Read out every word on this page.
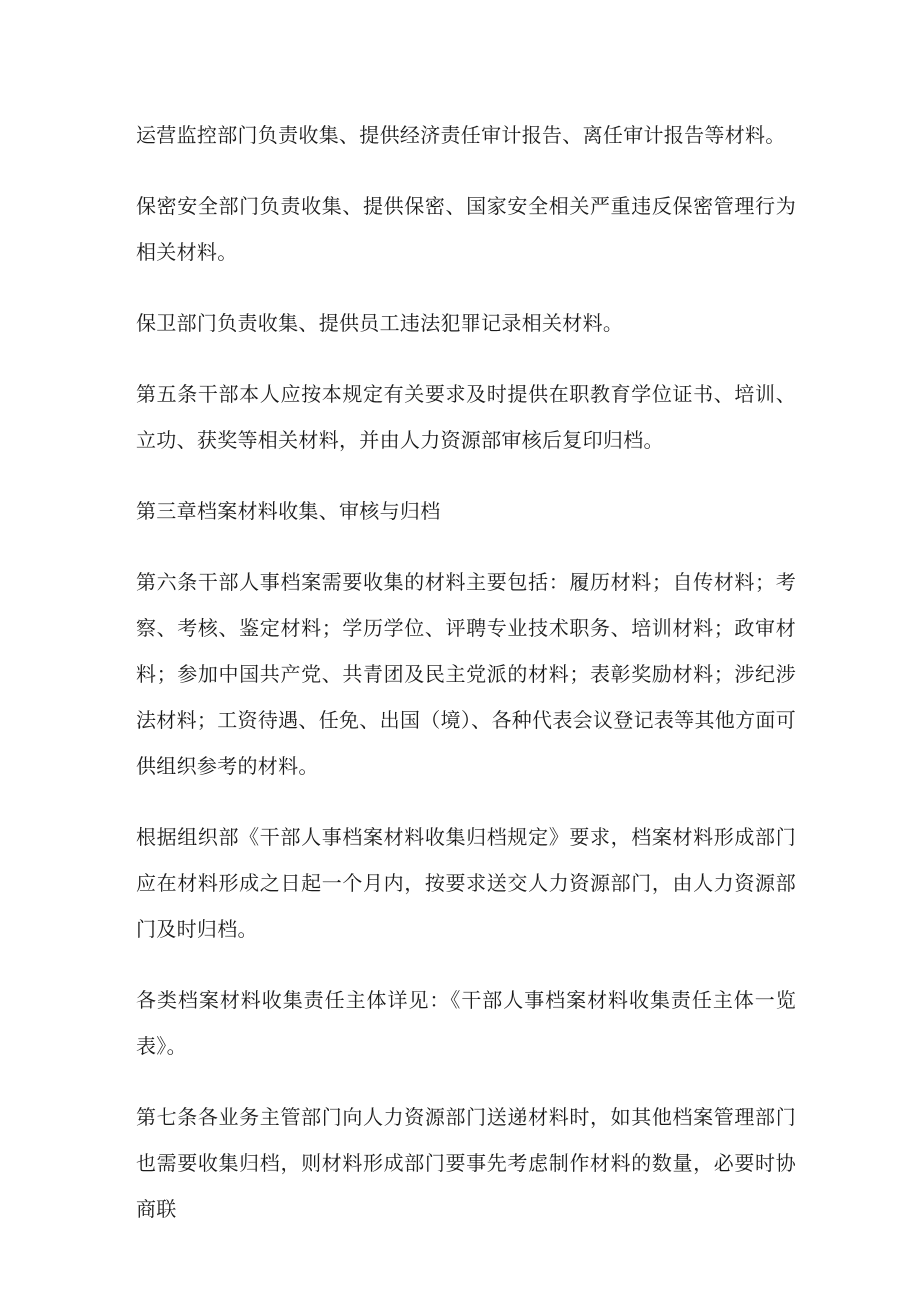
运营监控部门负责收集、提供经济责任审计报告、离任审计报告等材料。

保密安全部门负责收集、提供保密、国家安全相关严重违反保密管理行为相关材料。

保卫部门负责收集、提供员工违法犯罪记录相关材料。

第五条干部本人应按本规定有关要求及时提供在职教育学位证书、培训、立功、获奖等相关材料，并由人力资源部审核后复印归档。

第三章档案材料收集、审核与归档

第六条干部人事档案需要收集的材料主要包括：履历材料；自传材料；考察、考核、鉴定材料；学历学位、评聘专业技术职务、培训材料；政审材料；参加中国共产党、共青团及民主党派的材料；表彰奖励材料；涉纪涉法材料；工资待遇、任免、出国（境）、各种代表会议登记表等其他方面可供组织参考的材料。

根据组织部《干部人事档案材料收集归档规定》要求，档案材料形成部门应在材料形成之日起一个月内，按要求送交人力资源部门，由人力资源部门及时归档。

各类档案材料收集责任主体详见：《干部人事档案材料收集责任主体一览表》。

第七条各业务主管部门向人力资源部门送递材料时，如其他档案管理部门也需要收集归档，则材料形成部门要事先考虑制作材料的数量，必要时协商联
